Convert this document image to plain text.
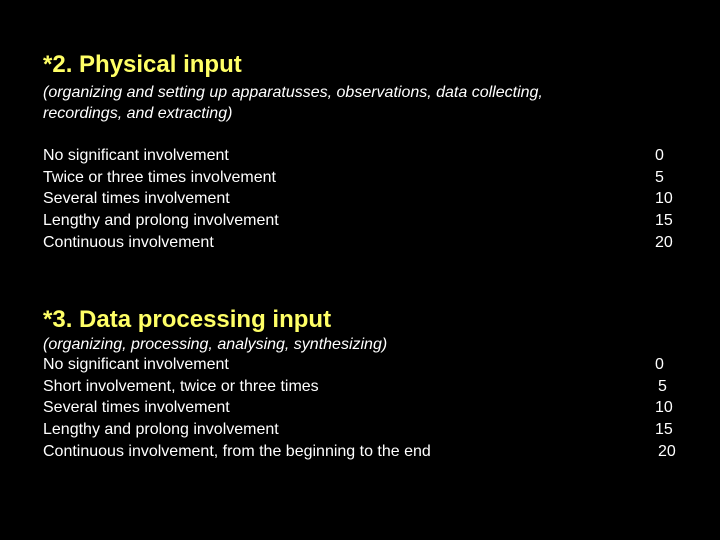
*2. Physical input
(organizing and setting up apparatusses, observations, data collecting,
recordings, and extracting)
No significant involvement	0
Twice or three times involvement	5
Several times involvement	10
Lengthy and prolong involvement	15
Continuous involvement	20
*3. Data processing input
(organizing, processing, analysing, synthesizing)
No significant involvement	0
Short involvement, twice or three times	5
Several times involvement	10
Lengthy and prolong involvement	15
Continuous involvement, from the beginning to the end	20
